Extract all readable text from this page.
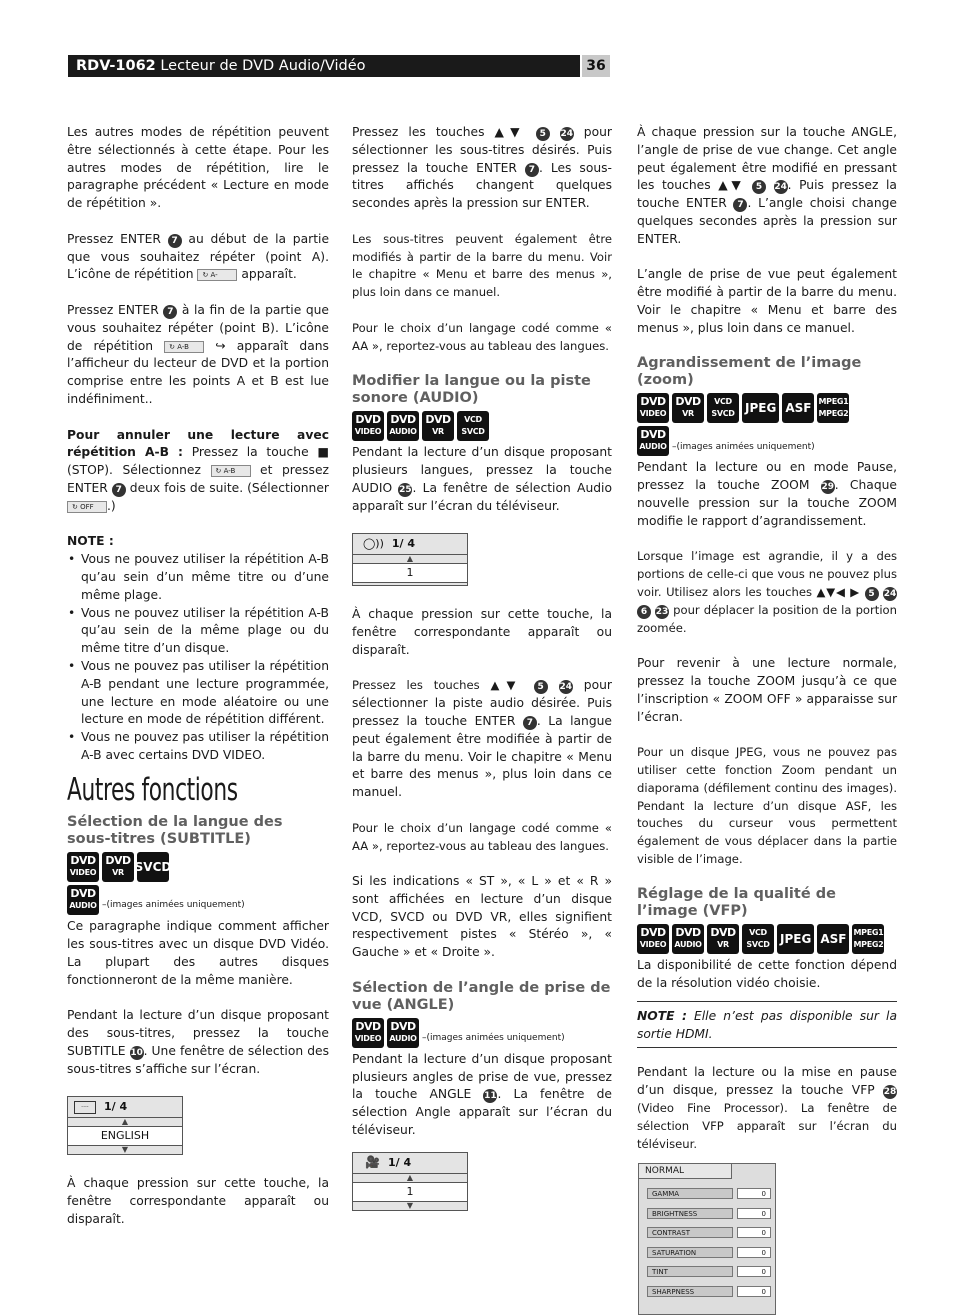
RDV-1062 Lecteur de DVD Audio/Vidéo	36

Les autres modes de répétition peuvent être sélectionnés à cette étape. Pour les autres modes de répétition, lire le paragraphe précédent « Lecture en mode de répétition ».

Pressez ENTER 7 au début de la partie que vous souhaitez répéter (point A). L’icône de répétition ↻ A- apparaît.

Pressez ENTER 7 à la fin de la partie que vous souhaitez répéter (point B). L’icône de répétition ↻ A-B ↪ apparaît dans l’afficheur du lecteur de DVD et la portion comprise entre les points A et B est lue indéfiniment..

Pour annuler une lecture avec répétition A-B : Pressez la touche ■ (STOP). Sélectionnez ↻ A-B et pressez ENTER 7 deux fois de suite. (Sélectionner ↻ OFF .)

NOTE :
• Vous ne pouvez utiliser la répétition A-B qu’au sein d’un même titre ou d’une même plage.
• Vous ne pouvez utiliser la répétition A-B qu’au sein de la même plage ou du même titre d’un disque.
• Vous ne pouvez pas utiliser la répétition A-B pendant une lecture programmée, une lecture en mode aléatoire ou une lecture en mode de répétition différent.
• Vous ne pouvez pas utiliser la répétition A-B avec certains DVD VIDEO.
Autres fonctions
Sélection de la langue des sous-titres (SUBTITLE)
DVD
VIDEO
DVD
VR SVCD
DVD
AUDIO –(images animées uniquement)

Ce paragraphe indique comment afficher les sous-titres avec un disque DVD Vidéo. La plupart des autres disques fonctionneront de la même manière.

Pendant la lecture d’un disque proposant des sous-titres, pressez la touche SUBTITLE 10. Une fenêtre de sélection des sous-titres s’affiche sur l’écran.

....	1/ 4
▲
ENGLISH
▼

À chaque pression sur cette touche, la fenêtre correspondante apparaît ou disparaît.

Pressez les touches ▲▼ 5 24 pour sélectionner les sous-titres désirés. Puis pressez la touche ENTER 7 . Les sous-titres affichés changent quelques secondes après la pression sur ENTER.

Les sous-titres peuvent également être modifiés à partir de la barre du menu. Voir le chapitre « Menu et barre des menus », plus loin dans ce manuel.

Pour le choix d’un langage codé comme « AA », reportez-vous au tableau des langues.

Modifier la langue ou la piste sonore (AUDIO)
DVD
VIDEO
DVD
AUDIO
DVD
VR
VCD
SVCD

Pendant la lecture d’un disque proposant plusieurs langues, pressez la touche AUDIO 25. La fenêtre de sélection Audio apparaît sur l’écran du téléviseur.

◯)) 1/ 4
▲
1

À chaque pression sur cette touche, la fenêtre correspondante apparaît ou disparaît.

Pressez les touches ▲▼ 5 24 pour sélectionner la piste audio désirée. Puis pressez la touche ENTER 7 . La langue peut également être modifiée à partir de la barre du menu. Voir le chapitre « Menu et barre des menus », plus loin dans ce manuel.

Pour le choix d’un langage codé comme « AA », reportez-vous au tableau des langues.

Si les indications « ST », « L » et « R » sont affichées en lecture d’un disque VCD, SVCD ou DVD VR, elles signifient respectivement pistes « Stéréo », « Gauche » et « Droite ».

Sélection de l’angle de prise de vue (ANGLE)
DVD
VIDEO
DVD
AUDIO –(images animées uniquement)

Pendant la lecture d’un disque proposant plusieurs angles de prise de vue, pressez la touche ANGLE 11. La fenêtre de sélection Angle apparaît sur l’écran du téléviseur.

🎥 1/ 4
▲
1
▼

À chaque pression sur la touche ANGLE, l’angle de prise de vue change. Cet angle peut également être modifié en pressant les touches ▲▼ 5 24. Puis pressez la touche ENTER 7 . L’angle choisi change quelques secondes après la pression sur ENTER.

L’angle de prise de vue peut également être modifié à partir de la barre du menu. Voir le chapitre « Menu et barre des menus », plus loin dans ce manuel.

Agrandissement de l’image (zoom)
DVD
VIDEO
DVD
VR
VCD
SVCD JPEG ASF MPEG1
MPEG2
DVD
AUDIO –(images animées uniquement)

Pendant la lecture ou en mode Pause, pressez la touche ZOOM 29. Chaque nouvelle pression sur la touche ZOOM modifie le rapport d’agrandissement.

Lorsque l’image est agrandie, il y a des portions de celle-ci que vous ne pouvez plus voir. Utilisez alors les touches ▲▼◀ ▶ 5 24 6 23 pour déplacer la position de la portion zoomée.

Pour revenir à une lecture normale, pressez la touche ZOOM jusqu’à ce que l’inscription « ZOOM OFF » apparaisse sur l’écran.

Pour un disque JPEG, vous ne pouvez pas utiliser cette fonction Zoom pendant un diaporama (défilement continu des images). Pendant la lecture d’un disque ASF, les touches du curseur vous permettent également de vous déplacer dans la partie visible de l’image.

Réglage de la qualité de l’image (VFP)
DVD
VIDEO
DVD
AUDIO
DVD
VR
VCD
SVCD JPEG ASF MPEG1
MPEG2

La disponibilité de cette fonction dépend de la résolution vidéo choisie.

NOTE : Elle n’est pas disponible sur la sortie HDMI.

Pendant la lecture ou la mise en pause d’un disque, pressez la touche VFP 28 (Video Fine Processor). La fenêtre de sélection VFP apparaît sur l’écran du téléviseur.

NORMAL
GAMMA	0
BRIGHTNESS	0
CONTRAST	0
SATURATION	0
TINT	0
SHARPNESS	0
